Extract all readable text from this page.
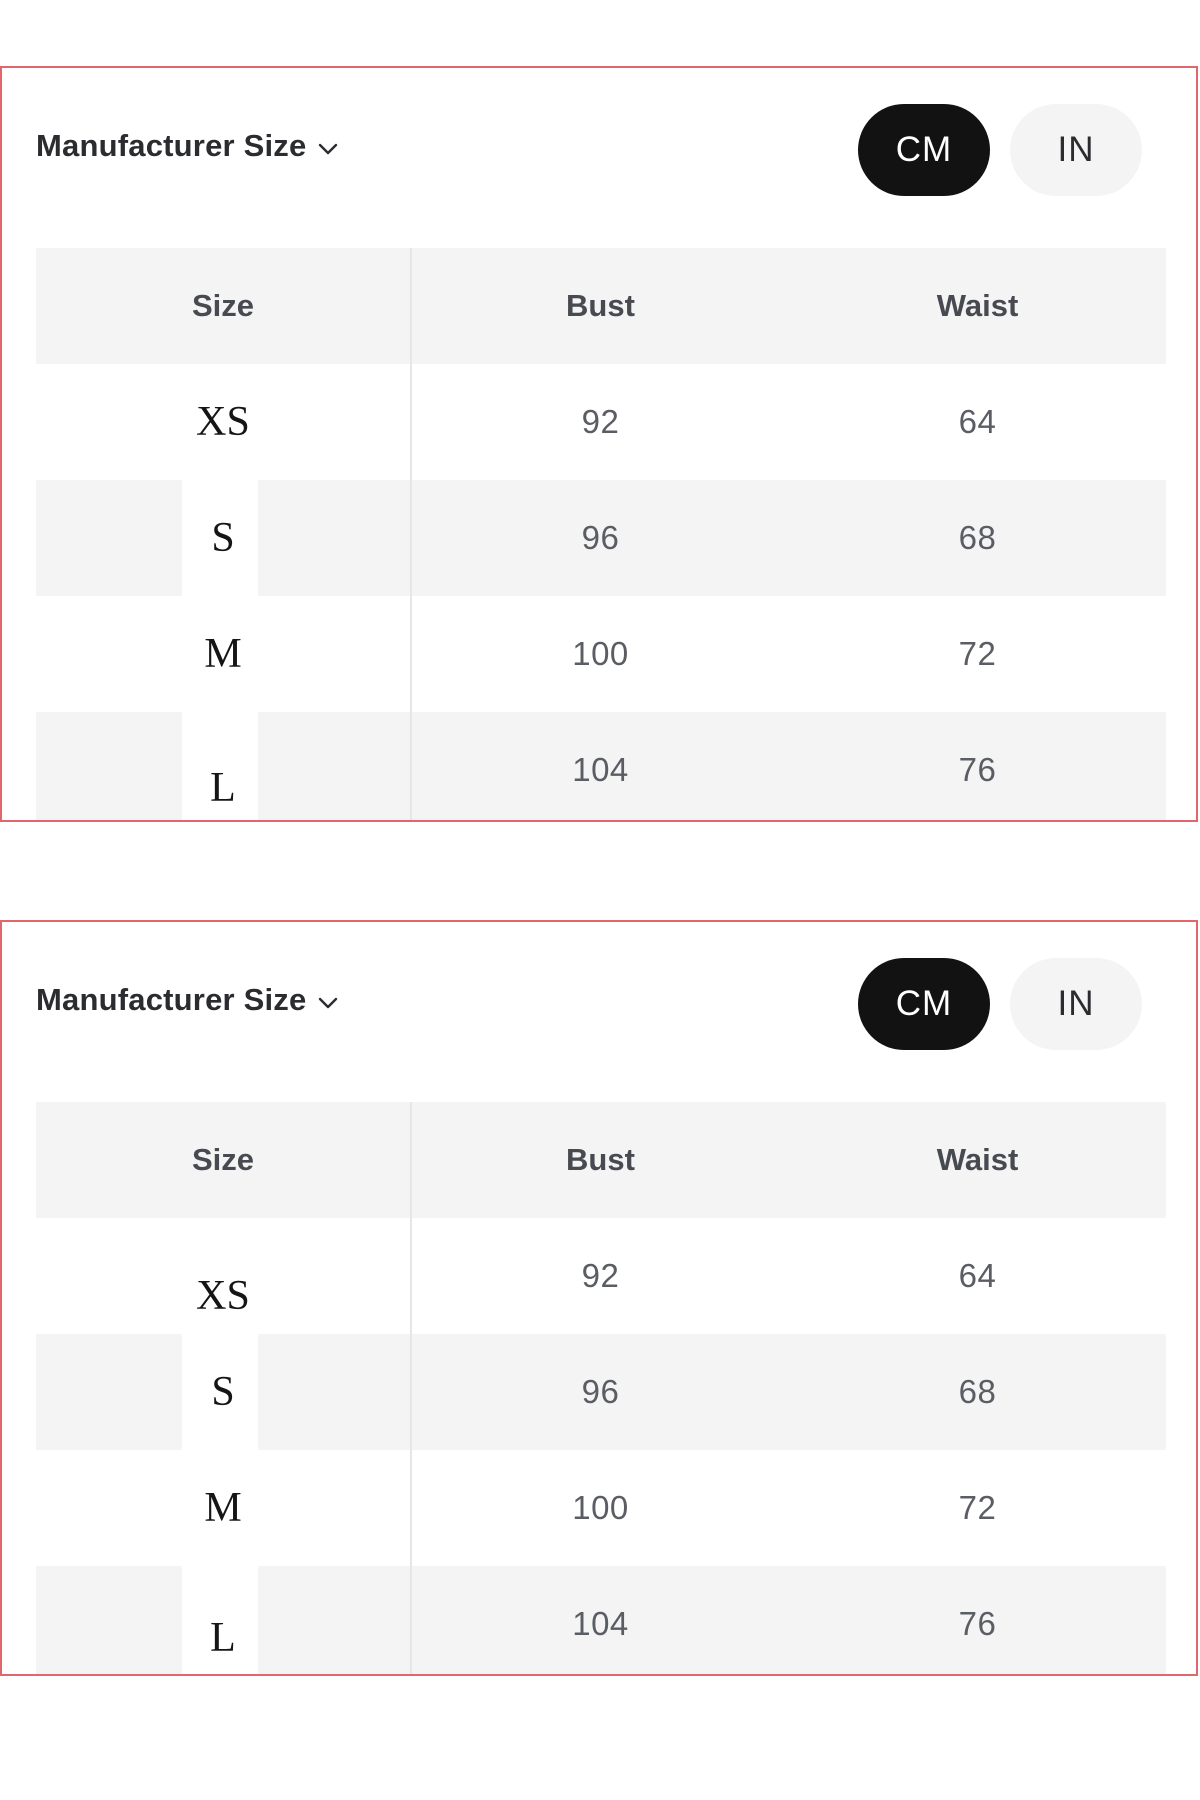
Manufacturer Size	CM	IN
Size	Bust	Waist
XS	92	64
S	96	68
M	100	72
L	104	76
Manufacturer Size	CM	IN
Size	Bust	Waist
XS	92	64
S	96	68
M	100	72
L	104	76
